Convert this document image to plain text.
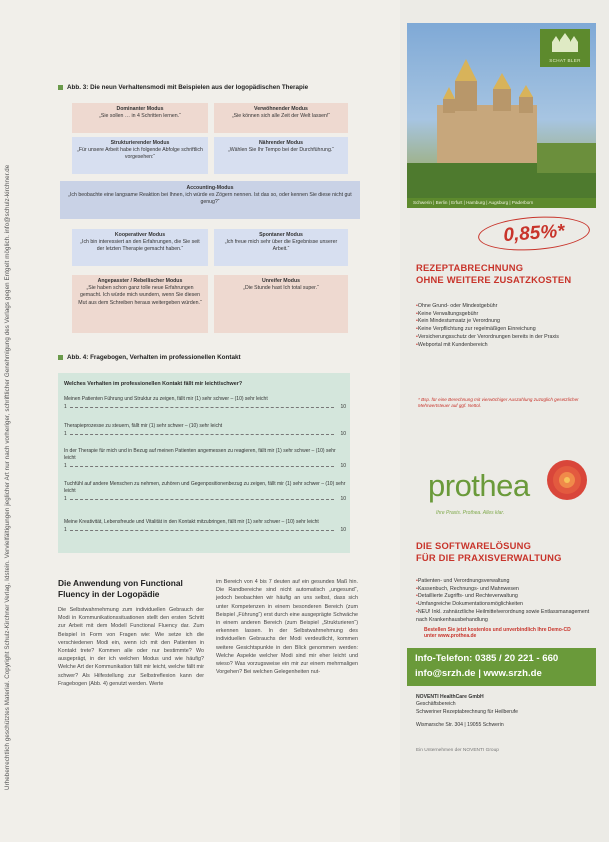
Urheberrechtlich geschütztes Material. Copyright Schulz-Kirchner Verlag, Idstein. Vervielfältigungen jeglicher Art nur nach vorheriger, schriftlicher Genehmigung des Verlags gegen Entgelt möglich. info@schulz-kirchner.de
Abb. 3: Die neun Verhaltensmodi mit Beispielen aus der logopädischen Therapie
Dominanter Modus
„Sie sollen … in 4 Schritten lernen.“
Verwöhnender Modus
„Sie können sich alle Zeit der Welt lassen!“
Strukturierender Modus
„Für unsere Arbeit habe ich folgende Abfolge schriftlich vorgesehen:“
Nährender Modus
„Wählen Sie Ihr Tempo bei der Durchführung.“
Accounting-Modus
„Ich beobachte eine langsame Reaktion bei Ihnen, ich würde es Zögern nennen. Ist das so, oder kennen Sie diese nicht gut genug?“
Kooperativer Modus
„Ich bin interessiert an den Erfahrungen, die Sie seit der letzten Therapie gemacht haben.“
Spontaner Modus
„Ich freue mich sehr über die Ergebnisse unserer Arbeit.“
Angepasster / Rebellischer Modus
„Sie haben schon ganz tolle neue Erfahrungen gemacht. Ich würde mich wundern, wenn Sie diesen Mut aus dem Schreiben heraus weitergeben würden.“
Unreifer Modus
„Die Stunde hast Ich total super.“
Abb. 4: Fragebogen, Verhalten im professionellen Kontakt
Welches Verhalten im professionellen Kontakt fällt mir leicht/schwer?
Meinen Patienten Führung und Struktur zu zeigen, fällt mir (1) sehr schwer – (10) sehr leicht
1	10
Therapieprozesse zu steuern, fällt mir (1) sehr schwer – (10) sehr leicht
1	10
In der Therapie für mich und in Bezug auf meinen Patienten angemessen zu reagieren, fällt mir (1) sehr schwer – (10) sehr leicht
1	10
Tuchfühl auf andere Menschen zu nehmen, zuhören und Gegenpositionenbezug zu zeigen, fällt mir (1) sehr schwer – (10) sehr leicht
1	10
Meine Kreativität, Lebensfreude und Vitalität in den Kontakt mitzubringen, fällt mir (1) sehr schwer – (10) sehr leicht
1	10
Die Anwendung von Functional Fluency in der Logopädie
Die Selbstwahrnehmung zum individuellen Gebrauch der Modi in Kommunikationssituationen stellt den ersten Schritt zur Arbeit mit dem Modell Functional Fluency dar. Zum Beispiel in Form von Fragen wie: Wie setze ich die verschiedenen Modi ein, wenn ich mit den Patienten in Kontakt trete? Kommen alle oder nur bestimmte? Wo ausgeprägt, in der ich welchen Modus und wie häufig? Welche Art der Kommunikation fällt mir leicht, welche fällt mir schwer? Als Hilfestellung zur Selbstreflexion kann der Fragebogen (Abb. 4) genutzt werden. Werte
im Bereich von 4 bis 7 deuten auf ein gesundes Maß hin. Die Randbereiche sind nicht automatisch „ungesund“, jedoch beobachten wir häufig an uns selbst, dass sich unter Kompetenzen in einem besonderen Bereich (zum Beispiel „Führung“) erst durch eine ausgeprägte Schwäche in einem anderen Bereich (zum Beispiel „Strukturieren“) erkennen lassen. In der Selbstwahrnehmung des individuellen Gebrauchs der Modi verdeutlicht, kommen weitere Gesichtspunkte in den Blick genommen werden: Welche Aspekte welcher Modi sind mir eher leicht und wieso? Was vorzugsweise ein mir zur einem mehrmaligen Vorgehen? Bei welchen Gelegenheiten nut-
SCHAT BLER
Schwerin | Berlin | Erfurt | Hamburg | Augsburg | Paderborn
0,85%*
REZEPTABRECHNUNG
OHNE WEITERE ZUSATZKOSTEN
• Ohne Grund- oder Mindestgebühr
• Keine Verwaltungsgebühr
• Kein Mindestumsatz je Verordnung
• Keine Verpflichtung zur regelmäßigen Einreichung
• Versicherungsschutz der Verordnungen bereits in der Praxis
• Webportal mit Kundenbereich
* Bsp. für eine Berechnung mit vierwöchiger Auszahlung zuzüglich gesetzlicher Mehrwertsteuer auf ggf. Nettol.
prothea
Ihre Praxis. Prothea. Alles klar.
DIE SOFTWARELÖSUNG
FÜR DIE PRAXISVERWALTUNG
• Patienten- und Verordnungsverwaltung
• Kassenbuch, Rechnungs- und Mahnwesen
• Detaillierte Zugriffs- und Rechteverwaltung
• Umfangreiche Dokumentationsmöglichkeiten
• NEU! Inkl. zahnärztliche Heilmittelverordnung sowie Entlassmanagement nach Krankenhausbehandlung
Bestellen Sie jetzt kostenlos und unverbindlich Ihre Demo-CD unter www.prothea.de
Info-Telefon: 0385 / 20 221 - 660
info@srzh.de | www.srzh.de
NOVENTI HealthCare GmbH
Geschäftsbereich
Schweriner Rezeptabrechnung für Heilberufe
Wismarsche Str. 304 | 19055 Schwerin
Ein Unternehmen der NOVENTI Group
